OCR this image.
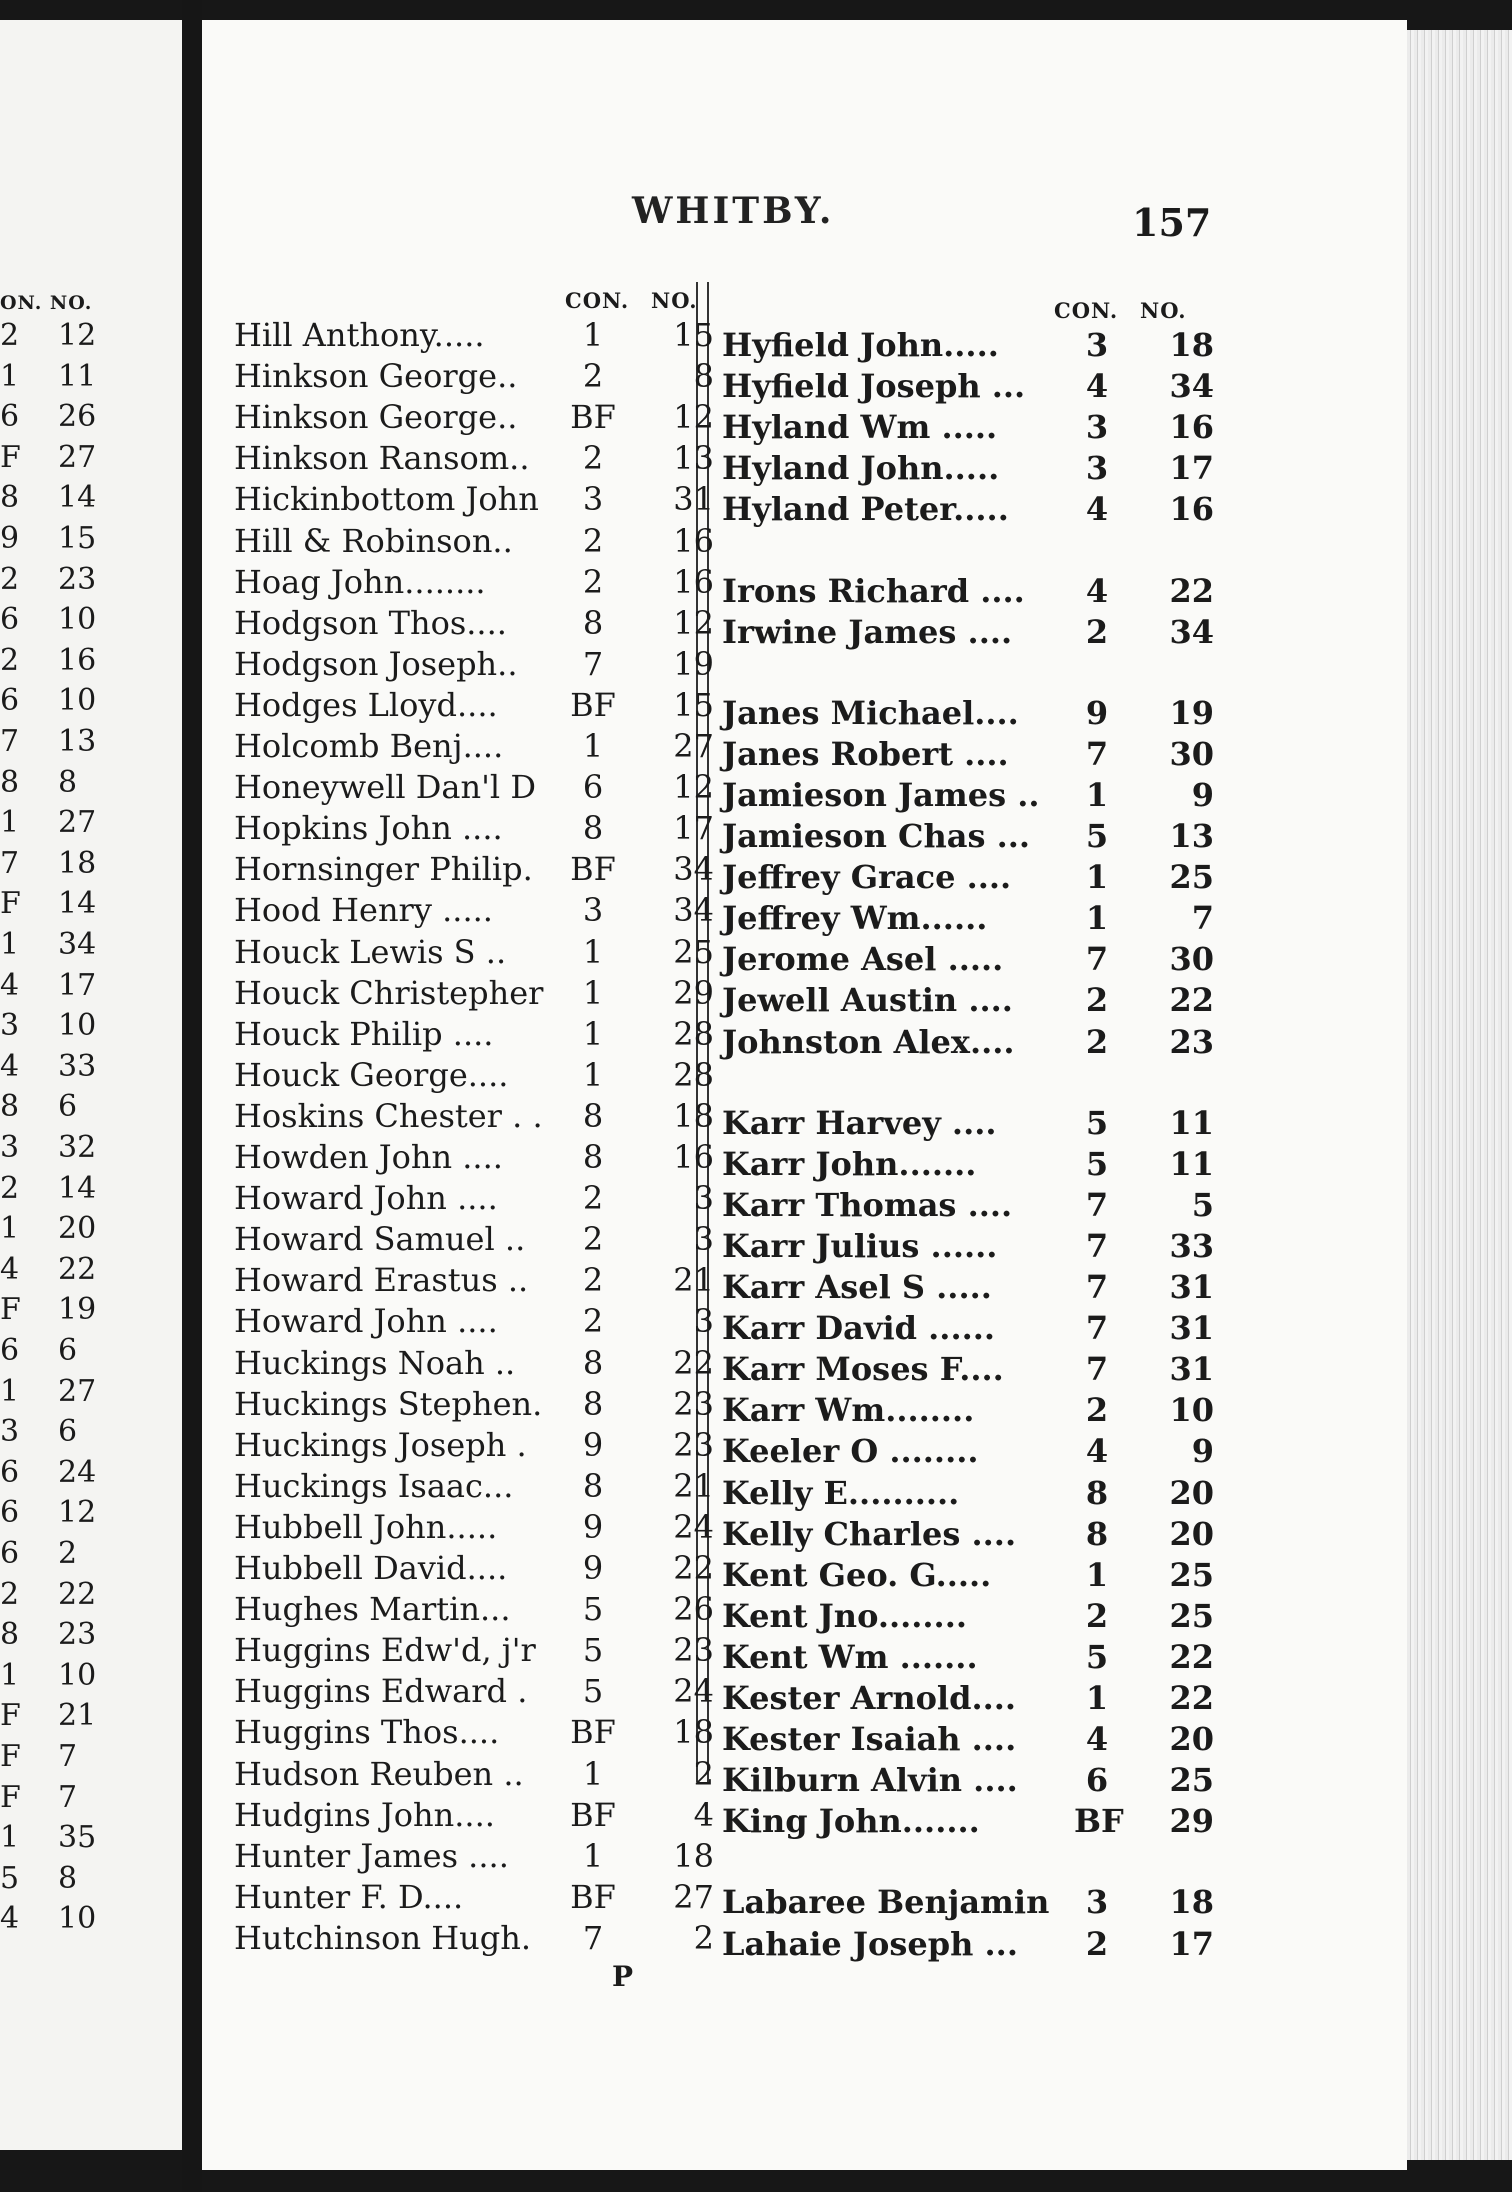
ON. NO.
2 12
1 11
6 26
F 27
8 14
9 15
2 23
6 10
2 16
6 10
7 13
8 8
1 27
7 18
F 14
1 34
4 17
3 10
4 33
8 6
3 32
2 14
1 20
4 22
F 19
6 6
1 27
3 6
6 24
6 12
6 2
2 22
8 23
1 10
F 21
F 7
F 7
1 35
5 8
4 10
WHITBY.	157
CON. NO.	CON. NO.
Hill Anthony.....	1	15
Hinkson George..	2	8
Hinkson George.. BF	12
Hinkson Ransom..	2	13
Hickinbottom John	3	31
Hill & Robinson..	2	16
Hoag John........	2	16
Hodgson Thos....	8	12
Hodgson Joseph..	7	19
Hodges Lloyd.... BF	15
Holcomb Benj....	1	27
Honeywell Dan'l D	6	12
Hopkins John ....	8	17
Hornsinger Philip. BF	34
Hood Henry .....	3	34
Houck Lewis S ..	1	25
Houck Christepher	1	29
Houck Philip ....	1	28
Houck George....	1	28
Hoskins Chester . .	8	18
Howden John ....	8	16
Howard John ....	2	3
Howard Samuel ..	2	3
Howard Erastus ..	2	21
Howard John ....	2	3
Huckings Noah ..	8	22
Huckings Stephen.	8	23
Huckings Joseph .	9	23
Huckings Isaac...	8	21
Hubbell John.....	9	24
Hubbell David....	9	22
Hughes Martin...	5	26
Huggins Edw'd, j'r	5	23
Huggins Edward .	5	24
Huggins Thos.... BF	18
Hudson Reuben ..	1	2
Hudgins John.... BF	4
Hunter James ....	1	18
Hunter F. D....	BF	27
Hutchinson Hugh.	7	2
Hyfield John.....	3	18
Hyfield Joseph ...	4	34
Hyland Wm .....	3	16
Hyland John.....	3	17
Hyland Peter.....	4	16
Irons Richard ....	4	22
Irwine James ....	2	34
Janes Michael....	9	19
Janes Robert ....	7	30
Jamieson James ..	1	9
Jamieson Chas ...	5	13
Jeffrey Grace ....	1	25
Jeffrey Wm......	1	7
Jerome Asel .....	7	30
Jewell Austin ....	2	22
Johnston Alex....	2	23
Karr Harvey ....	5	11
Karr John.......	5	11
Karr Thomas ....	7	5
Karr Julius ......	7	33
Karr Asel S .....	7	31
Karr David ......	7	31
Karr Moses F....	7	31
Karr Wm........	2	10
Keeler O ........	4	9
Kelly E..........	8	20
Kelly Charles ....	8	20
Kent Geo. G.....	1	25
Kent Jno........	2	25
Kent Wm .......	5	22
Kester Arnold....	1	22
Kester Isaiah ....	4	20
Kilburn Alvin ....	6	25
King John.......	BF	29
Labaree Benjamin	3	18
Lahaie Joseph ...	2	17
P
